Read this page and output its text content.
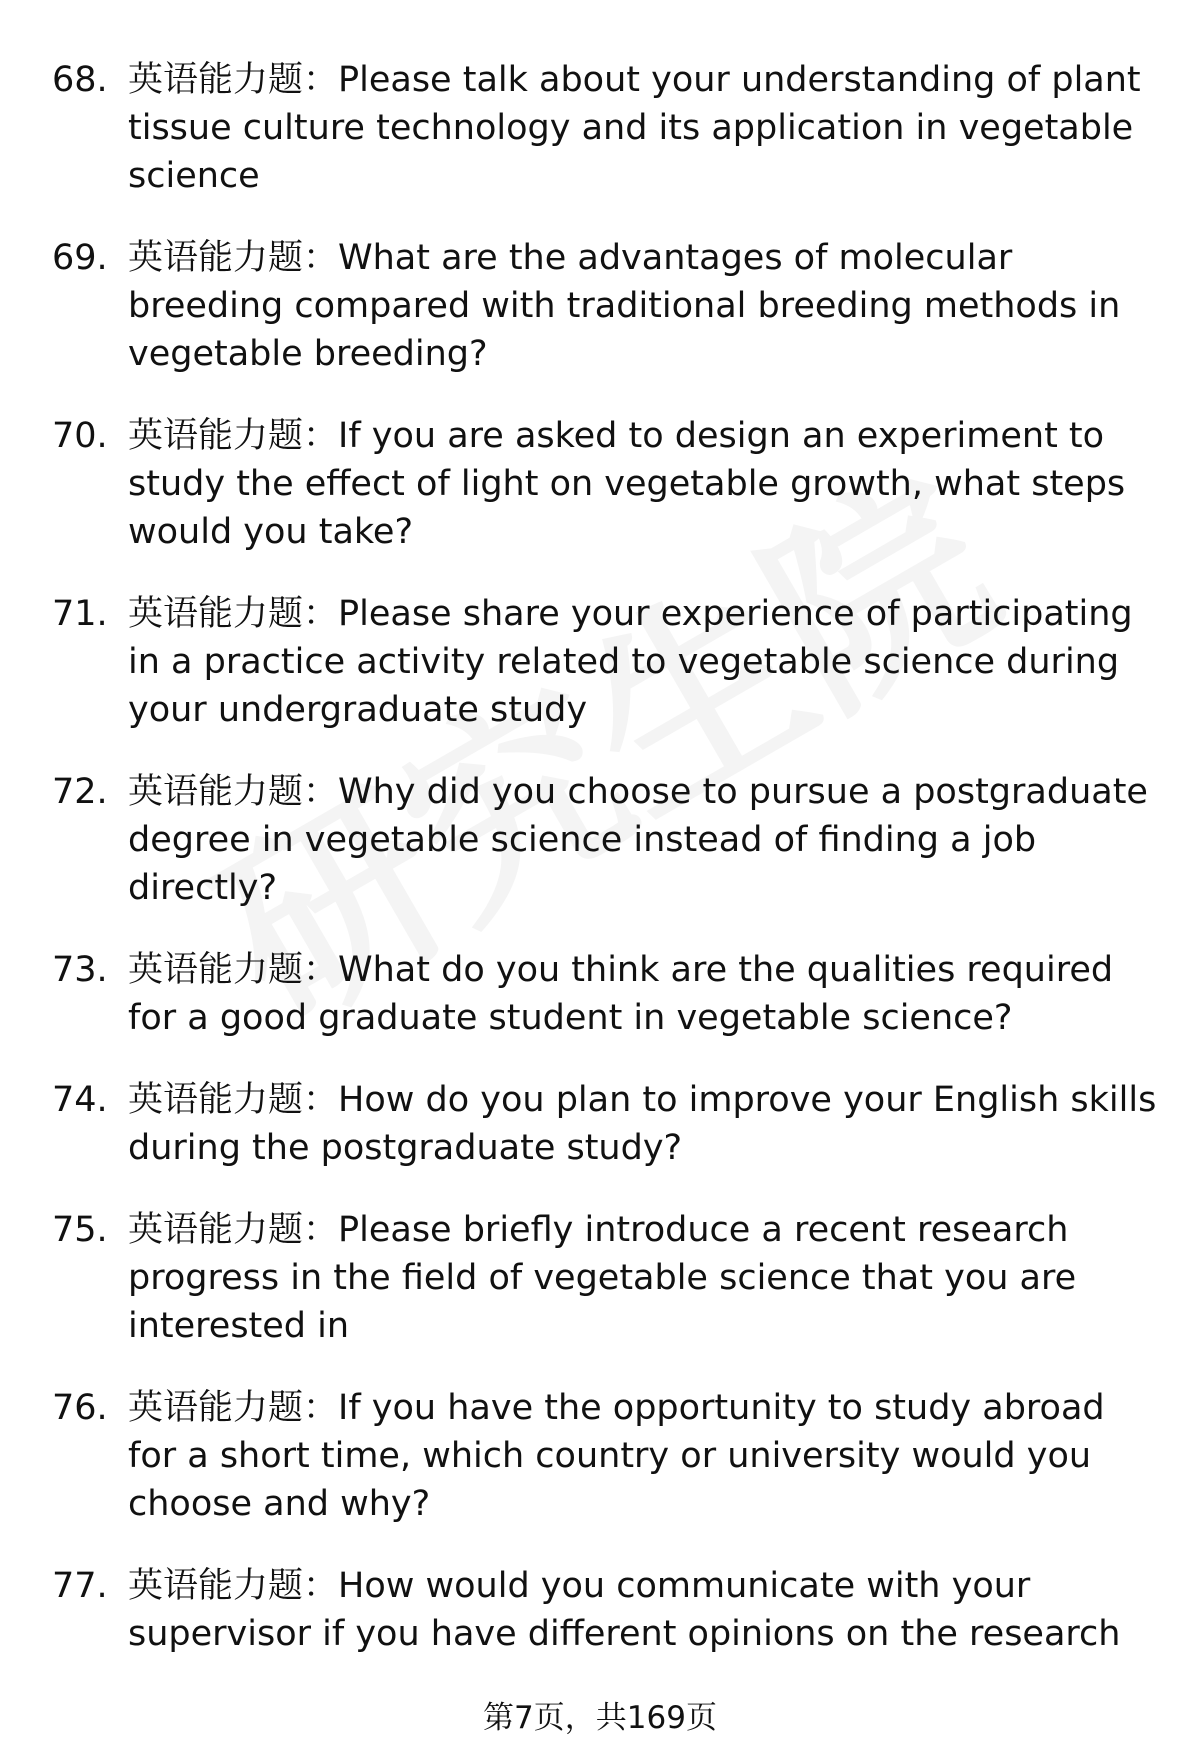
68. 英语能力题：Please talk about your understanding of plant tissue culture technology and its application in vegetable science
69. 英语能力题：What are the advantages of molecular breeding compared with traditional breeding methods in vegetable breeding?
70. 英语能力题：If you are asked to design an experiment to study the effect of light on vegetable growth, what steps would you take?
71. 英语能力题：Please share your experience of participating in a practice activity related to vegetable science during your undergraduate study
72. 英语能力题：Why did you choose to pursue a postgraduate degree in vegetable science instead of finding a job directly?
73. 英语能力题：What do you think are the qualities required for a good graduate student in vegetable science?
74. 英语能力题：How do you plan to improve your English skills during the postgraduate study?
75. 英语能力题：Please briefly introduce a recent research progress in the field of vegetable science that you are interested in
76. 英语能力题：If you have the opportunity to study abroad for a short time, which country or university would you choose and why?
77. 英语能力题：How would you communicate with your supervisor if you have different opinions on the research
第7页，共169页
